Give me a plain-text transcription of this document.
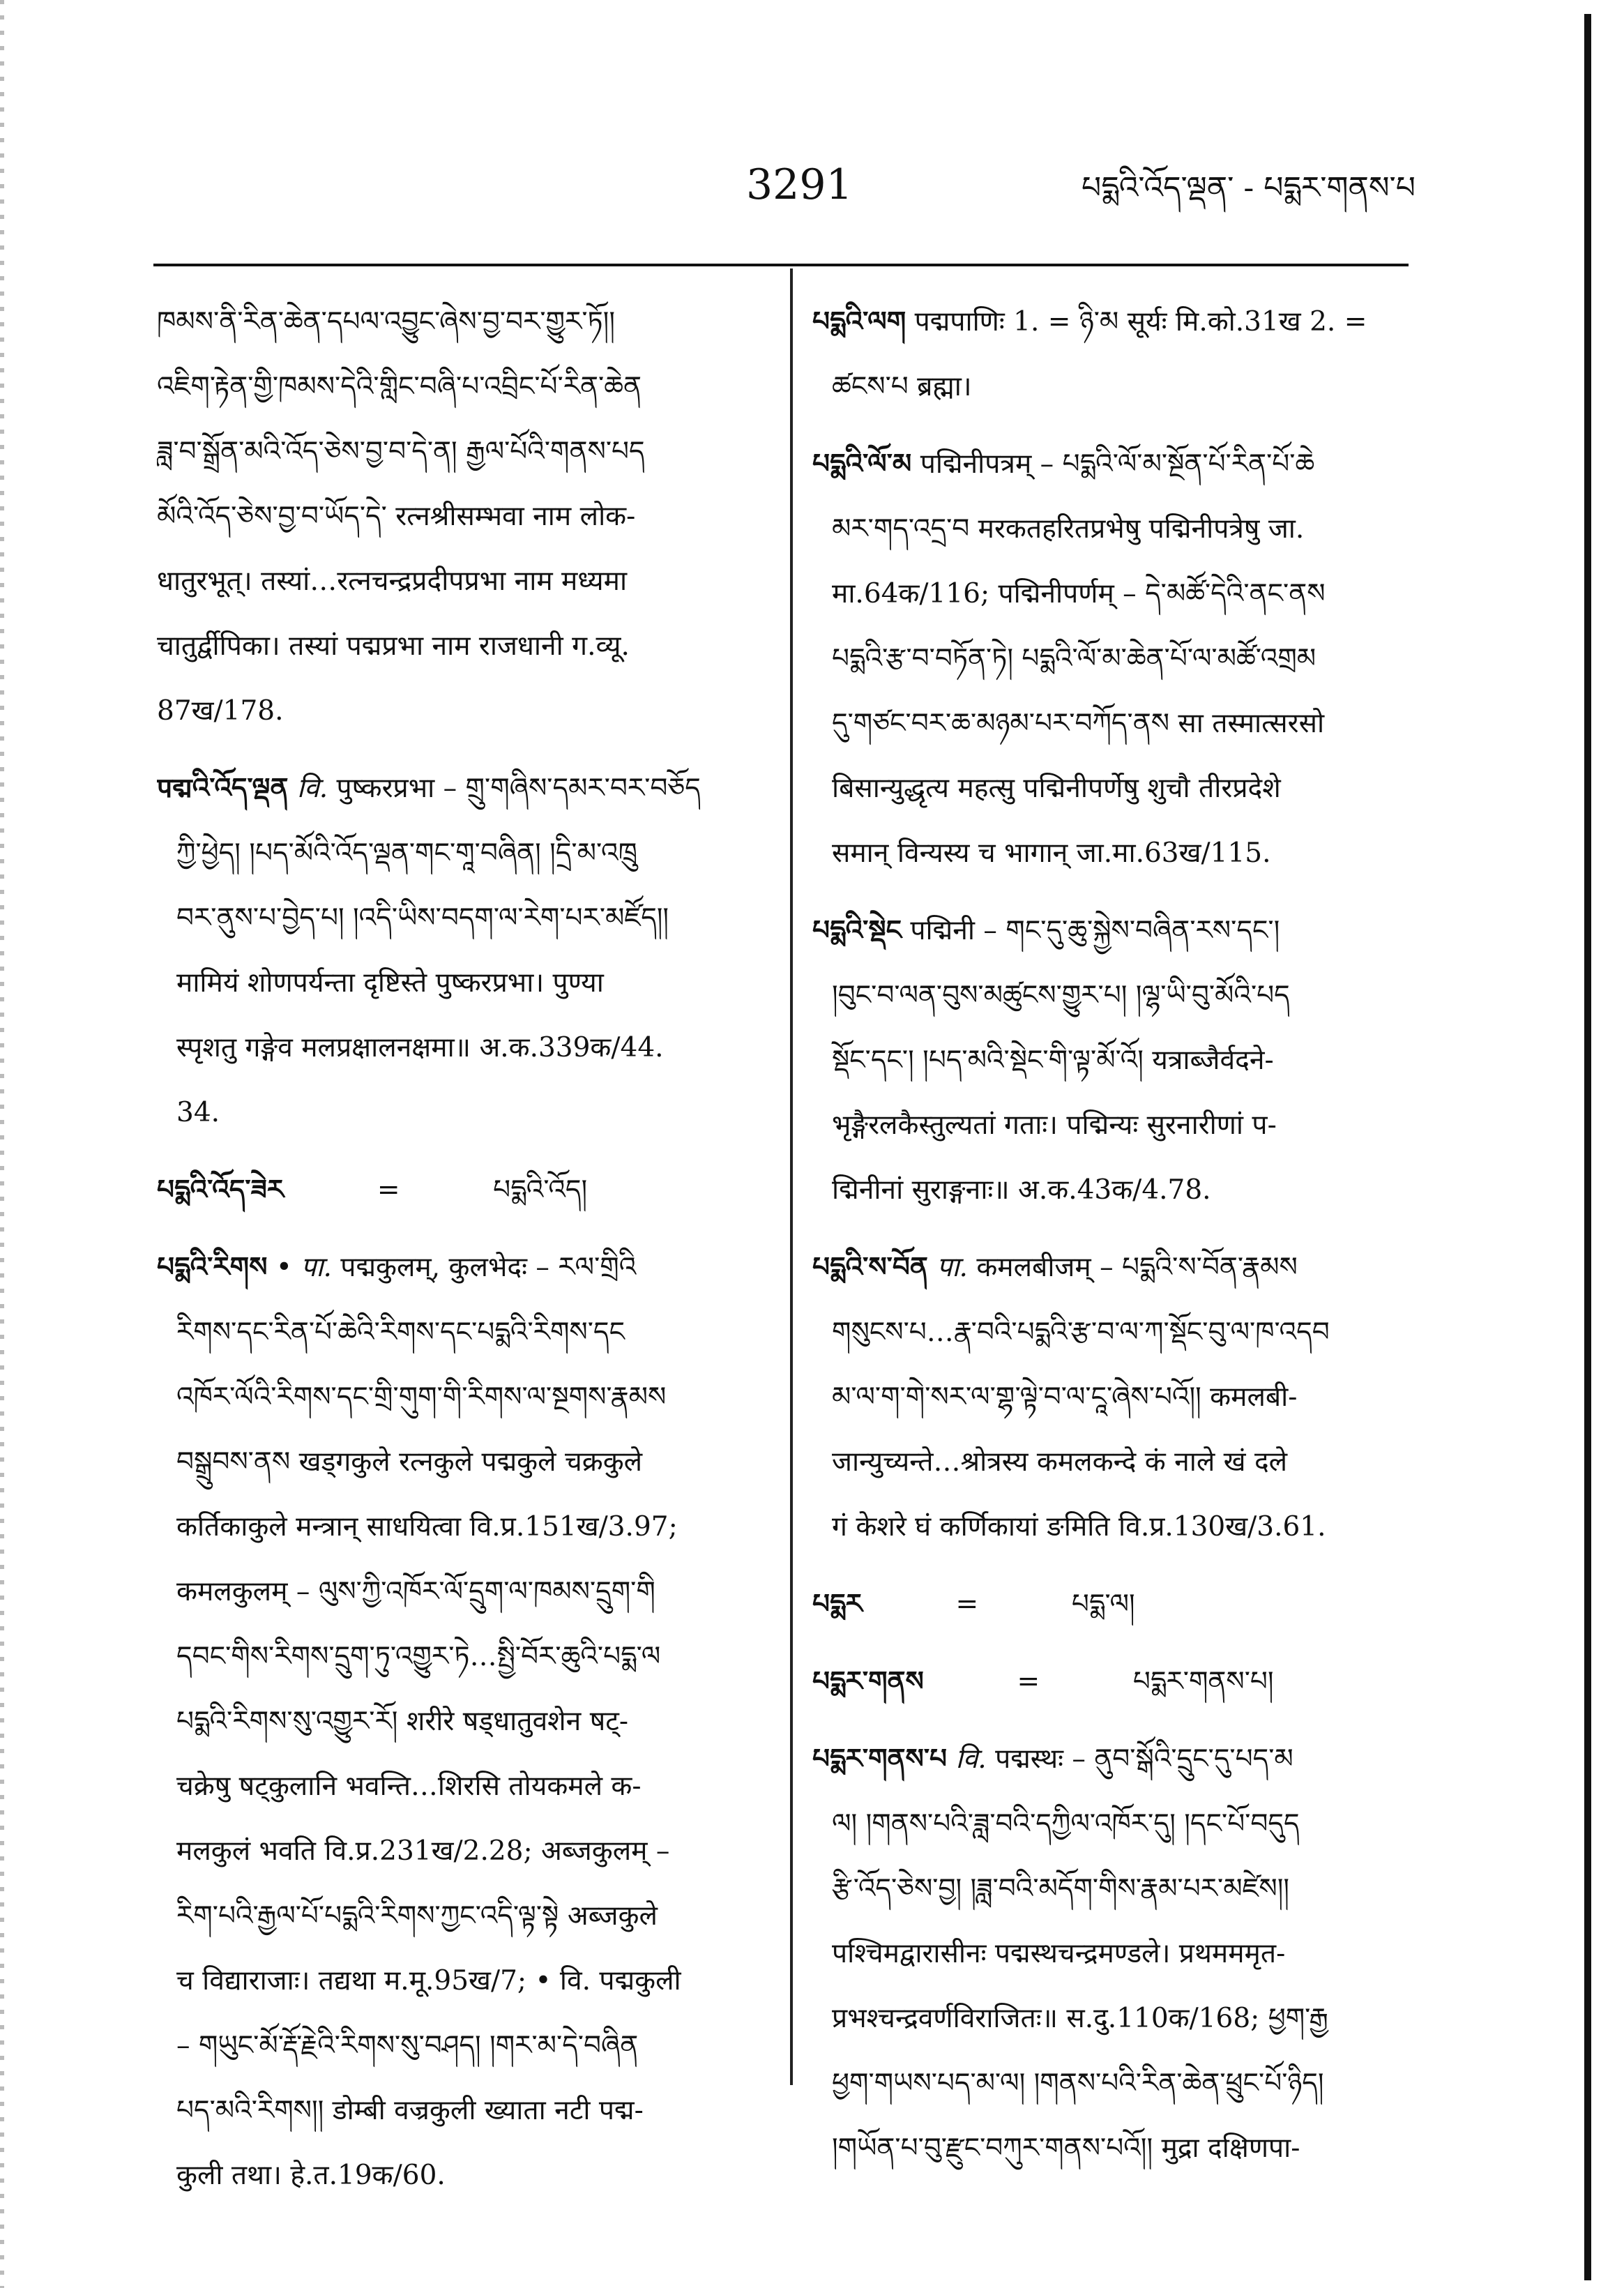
3291	པདྨའི་འོད་ལྡན་ - པདྨར་གནས་པ
ཁམས་ནི་རིན་ཆེན་དཔལ་འབྱུང་ཞེས་བྱ་བར་གྱུར་ཏོ།།
འཇིག་རྟེན་གྱི་ཁམས་དེའི་གླིང་བཞི་པ་འབྲིང་པོ་རིན་ཆེན
ཟླ་བ་སྒྲོན་མའི་འོད་ཅེས་བྱ་བ་དེ་ན། རྒྱལ་པོའི་གནས་པད
མོའི་འོད་ཅེས་བྱ་བ་ཡོད་དེ་ रत्नश्रीसम्भवा नाम लोक-
धातुरभूत्। तस्यां…रत्नचन्द्रप्रदीपप्रभा नाम मध्यमा
चातुर्द्वीपिका। तस्यां पद्मप्रभा नाम राजधानी ग.व्यू.
87ख/178.
पद्मའི་འོད་ལྡན वि. पुष्करप्रभा – གྲུ་གཞིས་དམར་བར་བཅོད
ཀྱི་ཕྱེད། །པད་མོའི་འོད་ལྡན་གང་གཱ་བཞིན། །དྲི་མ་འཁྲུ
བར་ནུས་པ་བྱེད་པ། །འདི་ཡིས་བདག་ལ་རེག་པར་མཛོད།།
मामियं शोणपर्यन्ता दृष्टिस्ते पुष्करप्रभा। पुण्या
स्पृशतु गङ्गेव मलप्रक्षालनक्षमा॥ अ.क.339क/44.
34.
པདྨའི་འོད་ཟེར	=	པདྨའི་འོད།
པདྨའི་རིགས • पा. पद्मकुलम्, कुलभेदः – རལ་གྲིའི
རིགས་དང་རིན་པོ་ཆེའི་རིགས་དང་པདྨའི་རིགས་དང
འཁོར་ལོའི་རིགས་དང་གྲི་གུག་གི་རིགས་ལ་སྔགས་རྣམས
བསྒྲུབས་ནས खड्गकुले रत्नकुले पद्मकुले चक्रकुले
कर्तिकाकुले मन्त्रान् साधयित्वा वि.प्र.151ख/3.97;
कमलकुलम् – ལུས་ཀྱི་འཁོར་ལོ་དྲུག་ལ་ཁམས་དྲུག་གི
དབང་གིས་རིགས་དྲུག་ཏུ་འགྱུར་ཏེ…སྤྱི་བོར་ཆུའི་པདྨ་ལ
པདྨའི་རིགས་སུ་འགྱུར་རོ། शरीरे षड्धातुवशेन षट्-
चक्रेषु षट्कुलानि भवन्ति…शिरसि तोयकमले क-
मलकुलं भवति वि.प्र.231ख/2.28; अब्जकुलम् –
རིག་པའི་རྒྱལ་པོ་པདྨའི་རིགས་ཀྱང་འདི་ལྟ་སྟེ अब्जकुले
च विद्याराजाः। तद्यथा म.मू.95ख/7; • वि. पद्मकुली
– གཡུང་མོ་རྡོ་རྗེའི་རིགས་སུ་བཤད། །གར་མ་དེ་བཞིན
པད་མའི་རིགས།། डोम्बी वज्रकुली ख्याता नटी पद्म-
कुली तथा। हे.त.19क/60.
པདྨའི་ལག पद्मपाणिः 1. = ཉི་མ सूर्यः मि.को.31ख 2. =
ཚངས་པ ब्रह्मा।
པདྨའི་ལོ་མ पद्मिनीपत्रम् – པདྨའི་ལོ་མ་སྔོན་པོ་རིན་པོ་ཆེ
མར་གད་འདྲ་བ मरकतहरितप्रभेषु पद्मिनीपत्रेषु जा.
मा.64क/116; पद्मिनीपर्णम् – དེ་མཚོ་དེའི་ནང་ནས
པདྨའི་རྩ་བ་བཏོན་ཏེ། པདྨའི་ལོ་མ་ཆེན་པོ་ལ་མཚོ་འགྲམ
དུ་གཙང་བར་ཆ་མཉམ་པར་བཀོད་ནས सा तस्मात्सरसो
बिसान्युद्धृत्य महत्सु पद्मिनीपर्णेषु शुचौ तीरप्रदेशे
समान् विन्यस्य च भागान् जा.मा.63ख/115.
པདྨའི་སྡེང पद्मिनी – གང་དུ་ཆུ་སྐྱེས་བཞིན་རས་དང་།
།བུང་བ་ལན་བུས་མཚུངས་གྱུར་པ། །ལྷ་ཡི་བུ་མོའི་པད
སྡོང་དང་། །པད་མའི་སྡེང་གི་ལྟ་མོ་འོ། यत्राब्जैर्वदने-
भृङ्गैरलकैस्तुल्यतां गताः। पद्मिन्यः सुरनारीणां प-
द्मिनीनां सुराङ्गनाः॥ अ.क.43क/4.78.
པདྨའི་ས་བོན पा. कमलबीजम् – པདྨའི་ས་བོན་རྣམས
གསུངས་པ…རྣ་བའི་པདྨའི་རྩ་བ་ལ་ཀ་སྡོང་བུ་ལ་ཁ་འདབ
མ་ལ་ག་གེ་སར་ལ་གྷ་ལྟེ་བ་ལ་ངཱ་ཞེས་པའོ།། कमलबी-
जान्युच्यन्ते…श्रोत्रस्य कमलकन्दे कं नाले खं दले
गं केशरे घं कर्णिकायां ङमिति वि.प्र.130ख/3.61.
པདྨར	=	པདྨ་ལ།
པདྨར་གནས	=	པདྨར་གནས་པ།
པདྨར་གནས་པ वि. पद्मस्थः – ནུབ་སྒོའི་དྲུང་དུ་པད་མ
ལ། །གནས་པའི་ཟླ་བའི་དཀྱིལ་འཁོར་དུ། །དང་པོ་བདུད
རྩི་འོད་ཅེས་བྱ། །ཟླ་བའི་མདོག་གིས་རྣམ་པར་མཛེས།།
पश्चिमद्वारासीनः पद्मस्थचन्द्रमण्डले। प्रथमममृत-
प्रभश्चन्द्रवर्णविराजितः॥ स.दु.110क/168; ཕྱག་རྒྱ
ཕྱག་གཡས་པད་མ་ལ། །གནས་པའི་རིན་ཆེན་ཕྲུང་པོ་ཉིད།
།གཡོན་པ་བུ་རྫུང་བཀུར་གནས་པའོ།། मुद्रा दक्षिणपा-
